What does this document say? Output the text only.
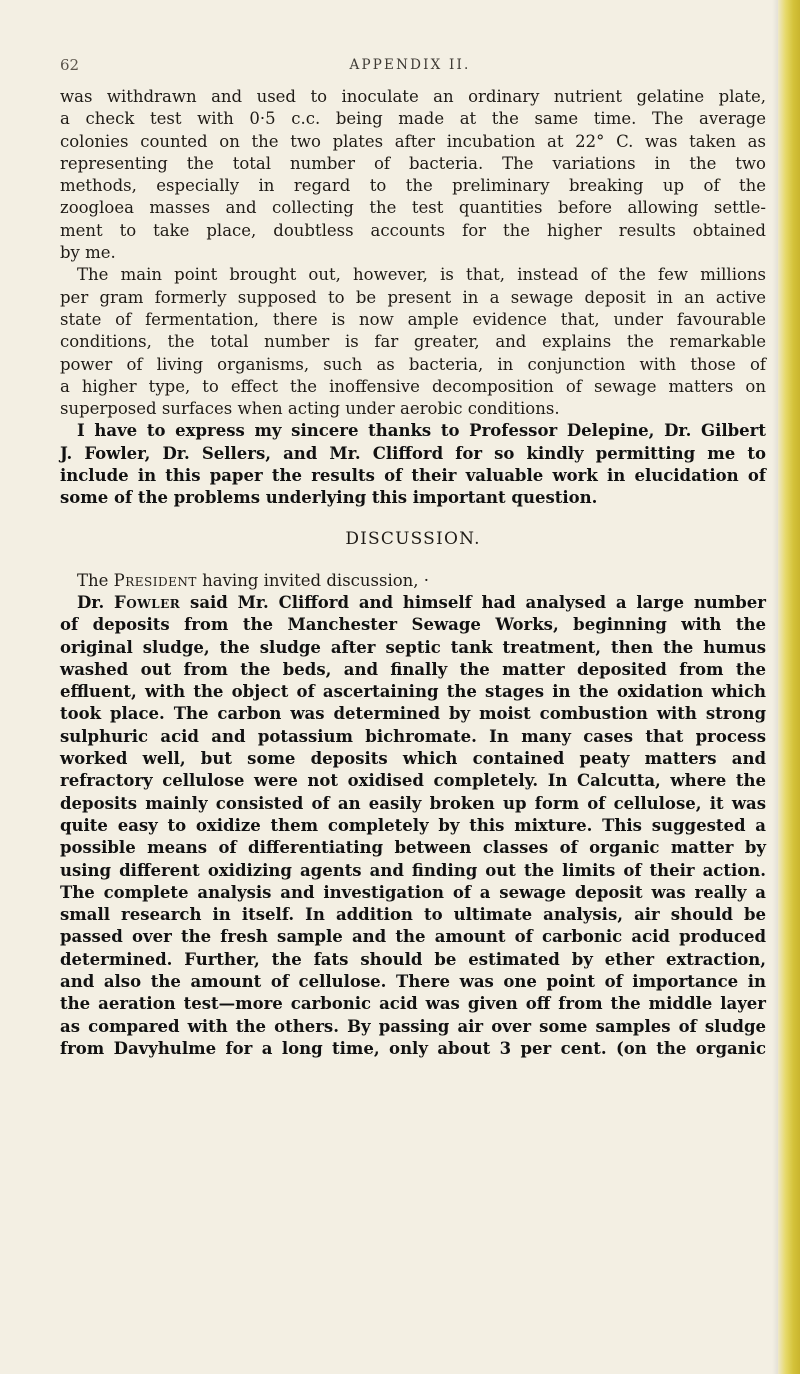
62	APPENDIX II.
was withdrawn and used to inoculate an ordinary nutrient gelatine plate,
a check test with 0·5 c.c. being made at the same time. The average
colonies counted on the two plates after incubation at 22° C. was taken as
representing the total number of bacteria. The variations in the two
methods, especially in regard to the preliminary breaking up of the
zoogloea masses and collecting the test quantities before allowing settle-
ment to take place, doubtless accounts for the higher results obtained
by me.
The main point brought out, however, is that, instead of the few millions
per gram formerly supposed to be present in a sewage deposit in an active
state of fermentation, there is now ample evidence that, under favourable
conditions, the total number is far greater, and explains the remarkable
power of living organisms, such as bacteria, in conjunction with those of
a higher type, to effect the inoffensive decomposition of sewage matters on
superposed surfaces when acting under aerobic conditions.
I have to express my sincere thanks to Professor Delepine, Dr. Gilbert
J. Fowler, Dr. Sellers, and Mr. Clifford for so kindly permitting me to
include in this paper the results of their valuable work in elucidation of
some of the problems underlying this important question.
DISCUSSION.
The President having invited discussion, ·
Dr. Fowler said Mr. Clifford and himself had analysed a large number
of deposits from the Manchester Sewage Works, beginning with the
original sludge, the sludge after septic tank treatment, then the humus
washed out from the beds, and finally the matter deposited from the
effluent, with the object of ascertaining the stages in the oxidation which
took place. The carbon was determined by moist combustion with strong
sulphuric acid and potassium bichromate. In many cases that process
worked well, but some deposits which contained peaty matters and
refractory cellulose were not oxidised completely. In Calcutta, where the
deposits mainly consisted of an easily broken up form of cellulose, it was
quite easy to oxidize them completely by this mixture. This suggested a
possible means of differentiating between classes of organic matter by
using different oxidizing agents and finding out the limits of their action.
The complete analysis and investigation of a sewage deposit was really a
small research in itself. In addition to ultimate analysis, air should be
passed over the fresh sample and the amount of carbonic acid produced
determined. Further, the fats should be estimated by ether extraction,
and also the amount of cellulose. There was one point of importance in
the aeration test—more carbonic acid was given off from the middle layer
as compared with the others. By passing air over some samples of sludge
from Davyhulme for a long time, only about 3 per cent. (on the organic
